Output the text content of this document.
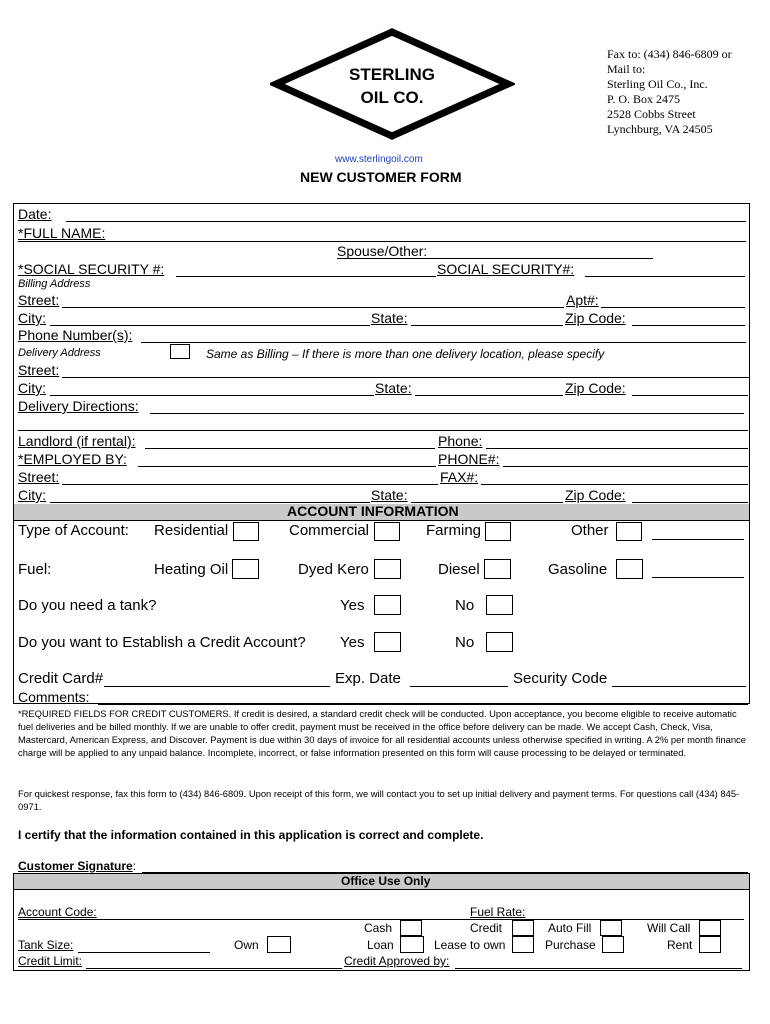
STERLING
OIL CO.
Fax to: (434) 846-6809 or
Mail to:
Sterling Oil Co., Inc.
P. O. Box 2475
2528 Cobbs Street
Lynchburg, VA 24505
www.sterlingoil.com
NEW CUSTOMER FORM
Date:
*FULL NAME:
Spouse/Other:
*SOCIAL SECURITY #:	SOCIAL SECURITY#:
Billing Address
Street:	Apt#:
City:	State:	Zip Code:
Phone Number(s):
Delivery Address	Same as Billing – If there is more than one delivery location, please specify
Street:
City:	State:	Zip Code:
Delivery Directions:
Landlord (if rental):	Phone:
*EMPLOYED BY:	PHONE#:
Street:	FAX#:
City:	State:	Zip Code:
ACCOUNT INFORMATION
Type of Account: Residential	Commercial	Farming	Other
Fuel:	Heating Oil	Dyed Kero	Diesel	Gasoline
Do you need a tank?	Yes	No
Do you want to Establish a Credit Account? Yes	No
Credit Card#	Exp. Date	Security Code
Comments:
*REQUIRED FIELDS FOR CREDIT CUSTOMERS. If credit is desired, a standard credit check will be conducted. Upon acceptance, you become eligible to receive automatic fuel deliveries and be billed monthly. If we are unable to offer credit, payment must be received in the office before delivery can be made. We accept Cash, Check, Visa, Mastercard, American Express, and Discover. Payment is due within 30 days of invoice for all residential accounts unless otherwise specified in writing. A 2% per month finance charge will be applied to any unpaid balance. Incomplete, incorrect, or false information presented on this form will cause processing to be delayed or terminated.
For quickest response, fax this form to (434) 846-6809. Upon receipt of this form, we will contact you to set up initial delivery and payment terms. For questions call (434) 845-0971.
I certify that the information contained in this application is correct and complete.
Customer Signature:
Office Use Only
Account Code:	Fuel Rate:
Cash	Credit	Auto Fill	Will Call
Tank Size:	Own	Loan	Lease to own	Purchase	Rent
Credit Limit:	Credit Approved by:
